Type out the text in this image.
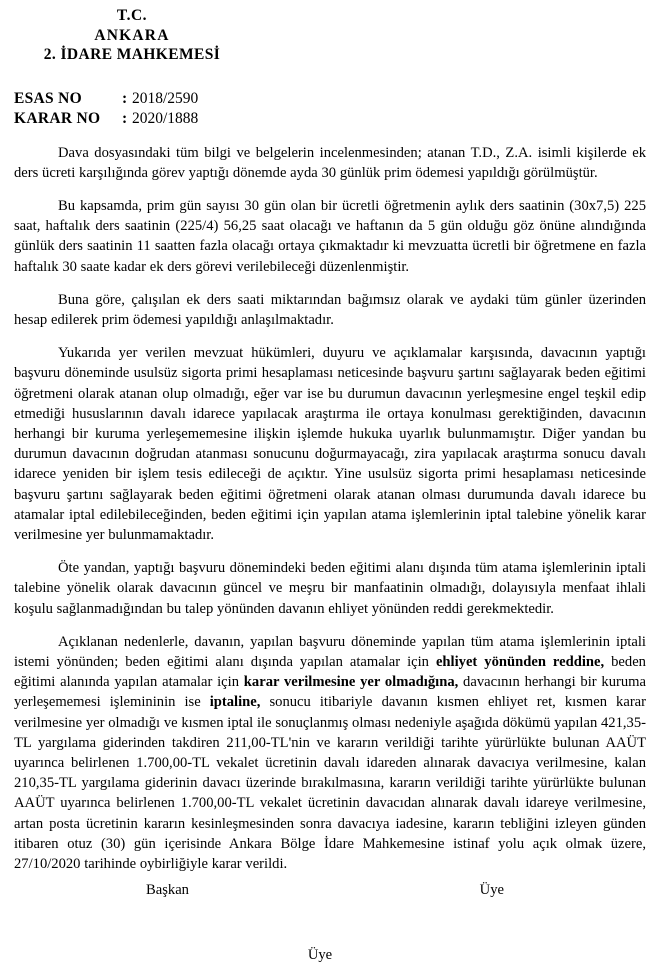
T.C.
ANKARA
2. İDARE MAHKEMESİ
ESAS NO	: 2018/2590
KARAR NO	: 2020/1888

Dava dosyasındaki tüm bilgi ve belgelerin incelenmesinden; atanan T.D., Z.A. isimli kişilerde ek ders ücreti karşılığında görev yaptığı dönemde ayda 30 günlük prim ödemesi yapıldığı görülmüştür.

Bu kapsamda, prim gün sayısı 30 gün olan bir ücretli öğretmenin aylık ders saatinin (30x7,5) 225 saat, haftalık ders saatinin (225/4) 56,25 saat olacağı ve haftanın da 5 gün olduğu göz önüne alındığında günlük ders saatinin 11 saatten fazla olacağı ortaya çıkmaktadır ki mevzuatta ücretli bir öğretmene en fazla haftalık 30 saate kadar ek ders görevi verilebileceği düzenlenmiştir.

Buna göre, çalışılan ek ders saati miktarından bağımsız olarak ve aydaki tüm günler üzerinden hesap edilerek prim ödemesi yapıldığı anlaşılmaktadır.

Yukarıda yer verilen mevzuat hükümleri, duyuru ve açıklamalar karşısında, davacının yaptığı başvuru döneminde usulsüz sigorta primi hesaplaması neticesinde başvuru şartını sağlayarak beden eğitimi öğretmeni olarak atanan olup olmadığı, eğer var ise bu durumun davacının yerleşmesine engel teşkil edip etmediği hususlarının davalı idarece yapılacak araştırma ile ortaya konulması gerektiğinden, davacının herhangi bir kuruma yerleşememesine ilişkin işlemde hukuka uyarlık bulunmamıştır. Diğer yandan bu durumun davacının doğrudan atanması sonucunu doğurmayacağı, zira yapılacak araştırma sonucu davalı idarece yeniden bir işlem tesis edileceği de açıktır. Yine usulsüz sigorta primi hesaplaması neticesinde başvuru şartını sağlayarak beden eğitimi öğretmeni olarak atanan olması durumunda davalı idarece bu atamalar iptal edilebileceğinden, beden eğitimi için yapılan atama işlemlerinin iptal talebine yönelik karar verilmesine yer bulunmamaktadır.

Öte yandan, yaptığı başvuru dönemindeki beden eğitimi alanı dışında tüm atama işlemlerinin iptali talebine yönelik olarak davacının güncel ve meşru bir manfaatinin olmadığı, dolayısıyla menfaat ihlali koşulu sağlanmadığından bu talep yönünden davanın ehliyet yönünden reddi gerekmektedir.

Açıklanan nedenlerle, davanın, yapılan başvuru döneminde yapılan tüm atama işlemlerinin iptali istemi yönünden; beden eğitimi alanı dışında yapılan atamalar için ehliyet yönünden reddine, beden eğitimi alanında yapılan atamalar için karar verilmesine yer olmadığına, davacının herhangi bir kuruma yerleşememesi işlemininin ise iptaline, sonucu itibariyle davanın kısmen ehliyet ret, kısmen karar verilmesine yer olmadığı ve kısmen iptal ile sonuçlanmış olması nedeniyle aşağıda dökümü yapılan 421,35-TL yargılama giderinden takdiren 211,00-TL'nin ve kararın verildiği tarihte yürürlükte bulunan AAÜT uyarınca belirlenen 1.700,00-TL vekalet ücretinin davalı idareden alınarak davacıya verilmesine, kalan 210,35-TL yargılama giderinin davacı üzerinde bırakılmasına, kararın verildiği tarihte yürürlükte bulunan AAÜT uyarınca belirlenen 1.700,00-TL vekalet ücretinin davacıdan alınarak davalı idareye verilmesine, artan posta ücretinin kararın kesinleşmesinden sonra davacıya iadesine, kararın tebliğini izleyen günden itibaren otuz (30) gün içerisinde Ankara Bölge İdare Mahkemesine istinaf yolu açık olmak üzere, 27/10/2020 tarihinde oybirliğiyle karar verildi.

Başkan	Üye
Üye
